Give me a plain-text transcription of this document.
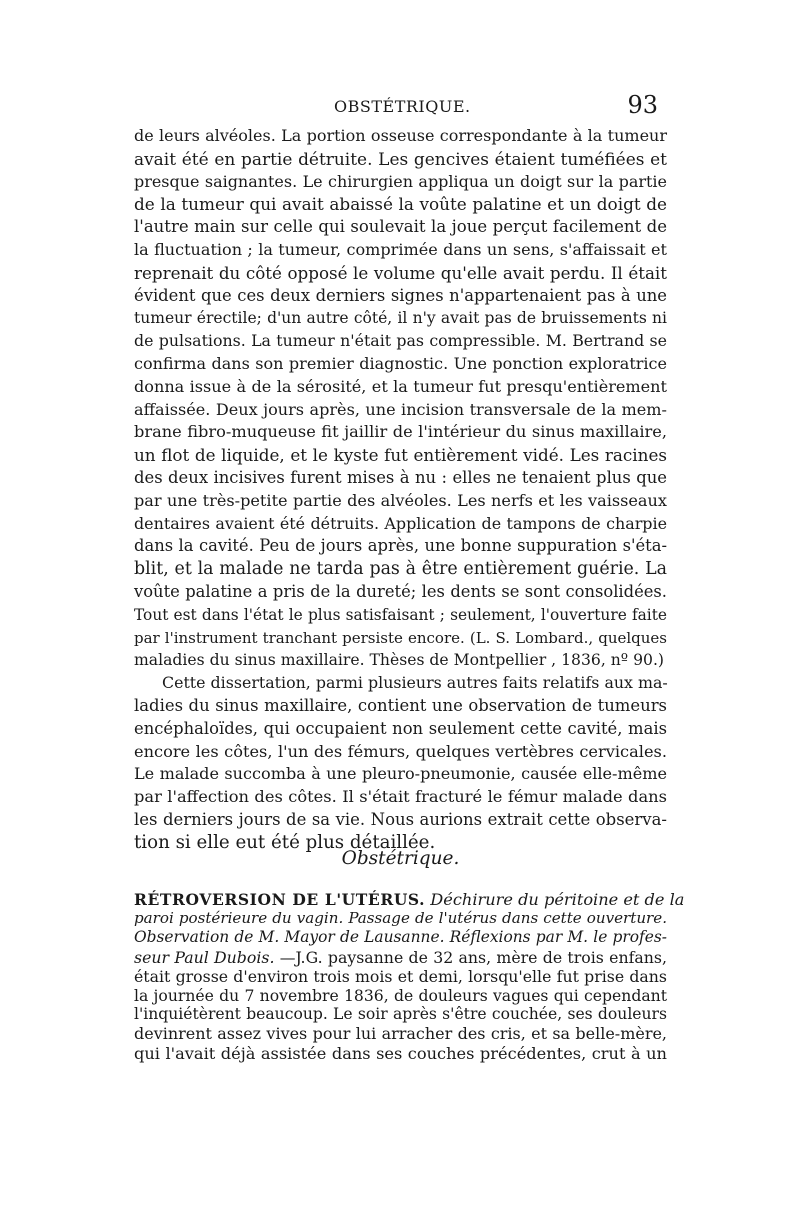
OBSTÉTRIQUE.	93
de leurs alvéoles. La portion osseuse correspondante à la tumeur
avait été en partie détruite. Les gencives étaient tuméfiées et
presque saignantes. Le chirurgien appliqua un doigt sur la partie
de la tumeur qui avait abaissé la voûte palatine et un doigt de
l'autre main sur celle qui soulevait la joue perçut facilement de
la fluctuation ; la tumeur, comprimée dans un sens, s'affaissait et
reprenait du côté opposé le volume qu'elle avait perdu. Il était
évident que ces deux derniers signes n'appartenaient pas à une
tumeur érectile; d'un autre côté, il n'y avait pas de bruissements ni
de pulsations. La tumeur n'était pas compressible. M. Bertrand se
confirma dans son premier diagnostic. Une ponction exploratrice
donna issue à de la sérosité, et la tumeur fut presqu'entièrement
affaissée. Deux jours après, une incision transversale de la mem-
brane fibro-muqueuse fit jaillir de l'intérieur du sinus maxillaire,
un flot de liquide, et le kyste fut entièrement vidé. Les racines
des deux incisives furent mises à nu : elles ne tenaient plus que
par une très-petite partie des alvéoles. Les nerfs et les vaisseaux
dentaires avaient été détruits. Application de tampons de charpie
dans la cavité. Peu de jours après, une bonne suppuration s'éta-
blit, et la malade ne tarda pas à être entièrement guérie. La
voûte palatine a pris de la dureté; les dents se sont consolidées.
Tout est dans l'état le plus satisfaisant ; seulement, l'ouverture faite
par l'instrument tranchant persiste encore. (L. S. Lombard., quelques
maladies du sinus maxillaire. Thèses de Montpellier , 1836, nº 90.)
Cette dissertation, parmi plusieurs autres faits relatifs aux ma-
ladies du sinus maxillaire, contient une observation de tumeurs
encéphaloïdes, qui occupaient non seulement cette cavité, mais
encore les côtes, l'un des fémurs, quelques vertèbres cervicales.
Le malade succomba à une pleuro-pneumonie, causée elle-même
par l'affection des côtes. Il s'était fracturé le fémur malade dans
les derniers jours de sa vie. Nous aurions extrait cette observa-
tion si elle eut été plus détaillée.
Obstétrique.
RÉTROVERSION DE L'UTÉRUS. Déchirure du péritoine et de la
paroi postérieure du vagin. Passage de l'utérus dans cette ouverture.
Observation de M. Mayor de Lausanne. Réflexions par M. le profes-
seur Paul Dubois. —J.G. paysanne de 32 ans, mère de trois enfans,
était grosse d'environ trois mois et demi, lorsqu'elle fut prise dans
la journée du 7 novembre 1836, de douleurs vagues qui cependant
l'inquiétèrent beaucoup. Le soir après s'être couchée, ses douleurs
devinrent assez vives pour lui arracher des cris, et sa belle-mère,
qui l'avait déjà assistée dans ses couches précédentes, crut à un
